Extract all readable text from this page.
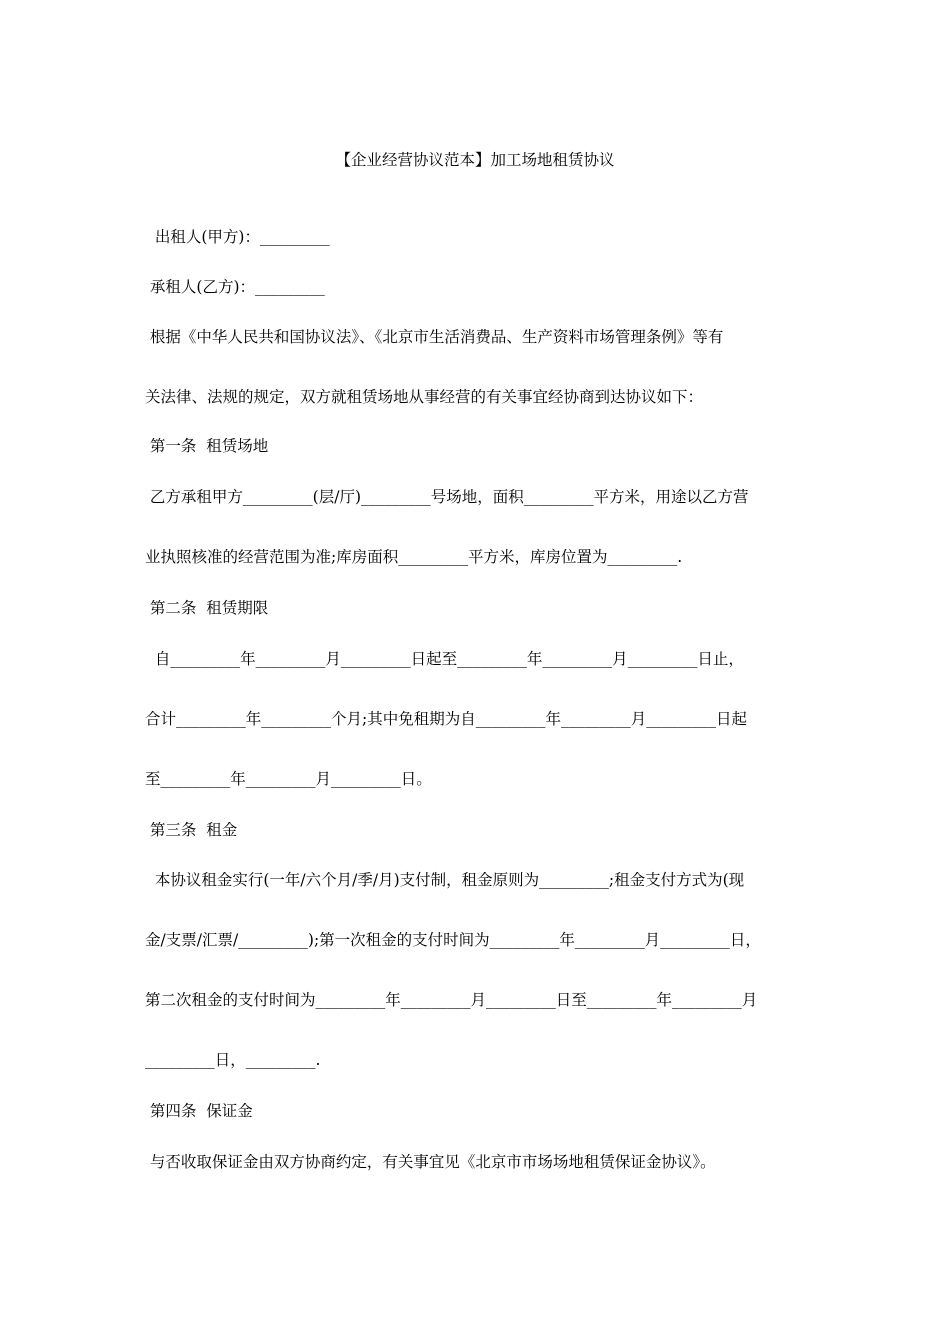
【企业经营协议范本】加工场地租赁协议
出租人(甲方)：_________
承租人(乙方)：_________
根据《中华人民共和国协议法》、《北京市生活消费品、生产资料市场管理条例》等有
关法律、法规的规定，双方就租赁场地从事经营的有关事宜经协商到达协议如下：
第一条  租赁场地
乙方承租甲方_________(层/厅)_________号场地，面积_________平方米，用途以乙方营
业执照核准的经营范围为准;库房面积_________平方米，库房位置为_________.
第二条  租赁期限
自_________年_________月_________日起至_________年_________月_________日止，
合计_________年_________个月;其中免租期为自_________年_________月_________日起
至_________年_________月_________日。
第三条  租金
本协议租金实行(一年/六个月/季/月)支付制，租金原则为_________;租金支付方式为(现
金/支票/汇票/_________);第一次租金的支付时间为_________年_________月_________日，
第二次租金的支付时间为_________年_________月_________日至_________年_________月
_________日，_________.
第四条  保证金
与否收取保证金由双方协商约定，有关事宜见《北京市市场场地租赁保证金协议》。
